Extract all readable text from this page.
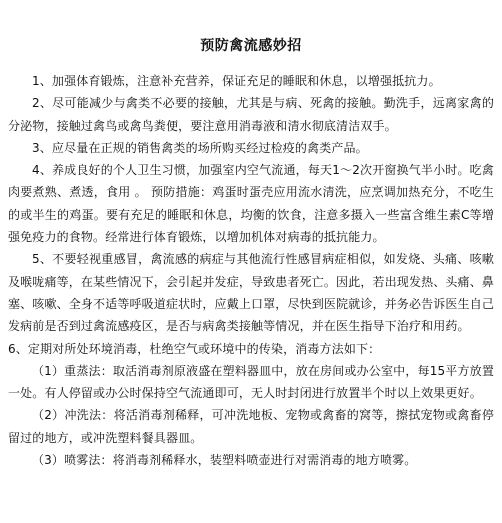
预防禽流感妙招

1、加强体育锻炼，注意补充营养，保证充足的睡眠和休息，以增强抵抗力。

2、尽可能减少与禽类不必要的接触，尤其是与病、死禽的接触。勤洗手，远离家禽的分泌物，接触过禽鸟或禽鸟粪便，要注意用消毒液和清水彻底清洁双手。

3、应尽量在正规的销售禽类的场所购买经过检疫的禽类产品。

4、养成良好的个人卫生习惯，加强室内空气流通，每天1～2次开窗换气半小时。吃禽肉要煮熟、煮透，食用 。 预防措施：鸡蛋时蛋壳应用流水清洗，应烹调加热充分，不吃生的或半生的鸡蛋。要有充足的睡眠和休息，均衡的饮食，注意多摄入一些富含维生素C等增强免疫力的食物。经常进行体育锻炼，以增加机体对病毒的抵抗能力。

5、不要轻视重感冒，禽流感的病症与其他流行性感冒病症相似，如发烧、头痛、咳嗽及喉咙痛等，在某些情况下，会引起并发症，导致患者死亡。因此，若出现发热、头痛、鼻塞、咳嗽、全身不适等呼吸道症状时，应戴上口罩，尽快到医院就诊，并务必告诉医生自己发病前是否到过禽流感疫区，是否与病禽类接触等情况，并在医生指导下治疗和用药。

6、定期对所处环境消毒，杜绝空气或环境中的传染，消毒方法如下：

（1）重蒸法：取活消毒剂原液盛在塑料器皿中，放在房间或办公室中，每15平方放置一处。有人停留或办公时保持空气流通即可，无人时封闭进行放置半个时以上效果更好。

（2）冲洗法：将活消毒剂稀释，可冲洗地板、宠物或禽畜的窝等，擦拭宠物或禽畜停留过的地方，或冲洗塑料餐具器皿。

（3）喷雾法：将消毒剂稀释水，装塑料喷壶进行对需消毒的地方喷雾。
